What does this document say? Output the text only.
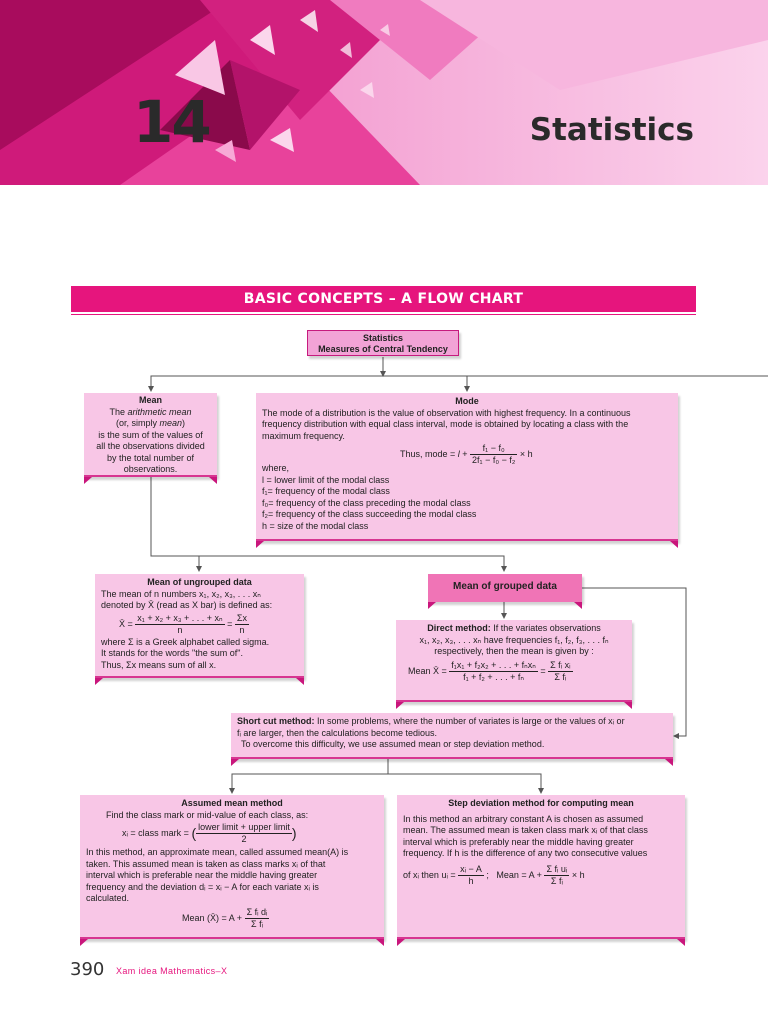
14	Statistics
BASIC CONCEPTS – A FLOW CHART
Statistics
Measures of Central Tendency
Mean
The arithmetic mean
(or, simply mean)
is the sum of the values of
all the observations divided
by the total number of
observations.
Mode
The mode of a distribution is the value of observation with highest frequency. In a continuous
frequency distribution with equal class interval, mode is obtained by locating a class with the
maximum frequency.
Thus, mode = $l + \frac{\text{f₁ − f₀}}{\text{2f₁ − f₀ − f₂}} \times h$
where,
l = lower limit of the modal class
f₁= frequency of the modal class
f₀= frequency of the class preceding the modal class
f₂= frequency of the class succeeding the modal class
h = size of the modal class
Mean of ungrouped data
The mean of n numbers x₁, x₂, x₃, . . . xₙ
denoted by X̄ (read as X bar) is defined as:
X̄ = $\frac{\text{x₁ + x₂ + x₃ + . . . + xₙ}}{n} = \frac{\Sigma x}{n}$
where Σ is a Greek alphabet called sigma.
It stands for the words "the sum of".
Thus, Σx means sum of all x.
Mean of grouped data
Direct method: If the variates observations
x₁, x₂, x₃, . . . xₙ have frequencies f₁, f₂, f₃, . . . fₙ
respectively, then the mean is given by :
Mean X̄ = $\frac{\text{f₁x₁ + f₂x₂ + . . . + fₙxₙ}}{\text{f₁ + f₂ + . . . + fₙ}} = \frac{\text{Σ fᵢ xᵢ}}{\text{Σ fᵢ}}$
Short cut method: In some problems, where the number of variates is large or the values of xᵢ or
fᵢ are larger, then the calculations become tedious.
To overcome this difficulty, we use assumed mean or step deviation method.
Assumed mean method
Find the class mark or mid-value of each class, as:
xᵢ = class mark = ( $\frac{\text{lower limit + upper limit}}{2}$ )
In this method, an approximate mean, called assumed mean(A) is
taken. This assumed mean is taken as class marks xᵢ of that
interval which is preferable near the middle having greater
frequency and the deviation dᵢ = xᵢ − A for each variate xᵢ is
calculated.
Mean (X̄) = $A + \frac{\text{Σ fᵢ dᵢ}}{\text{Σ fᵢ}}$
Step deviation method for computing mean
In this method an arbitrary constant A is chosen as assumed
mean. The assumed mean is taken class mark xᵢ of that class
interval which is preferably near the middle having greater
frequency. If h is the difference of any two consecutive values
of xᵢ then uᵢ = $\frac{\text{xᵢ − A}}{h}$ ; Mean = $A + \frac{\text{Σ fᵢ uᵢ}}{\text{Σ fᵢ}} \times h$
390 Xam idea Mathematics–X
